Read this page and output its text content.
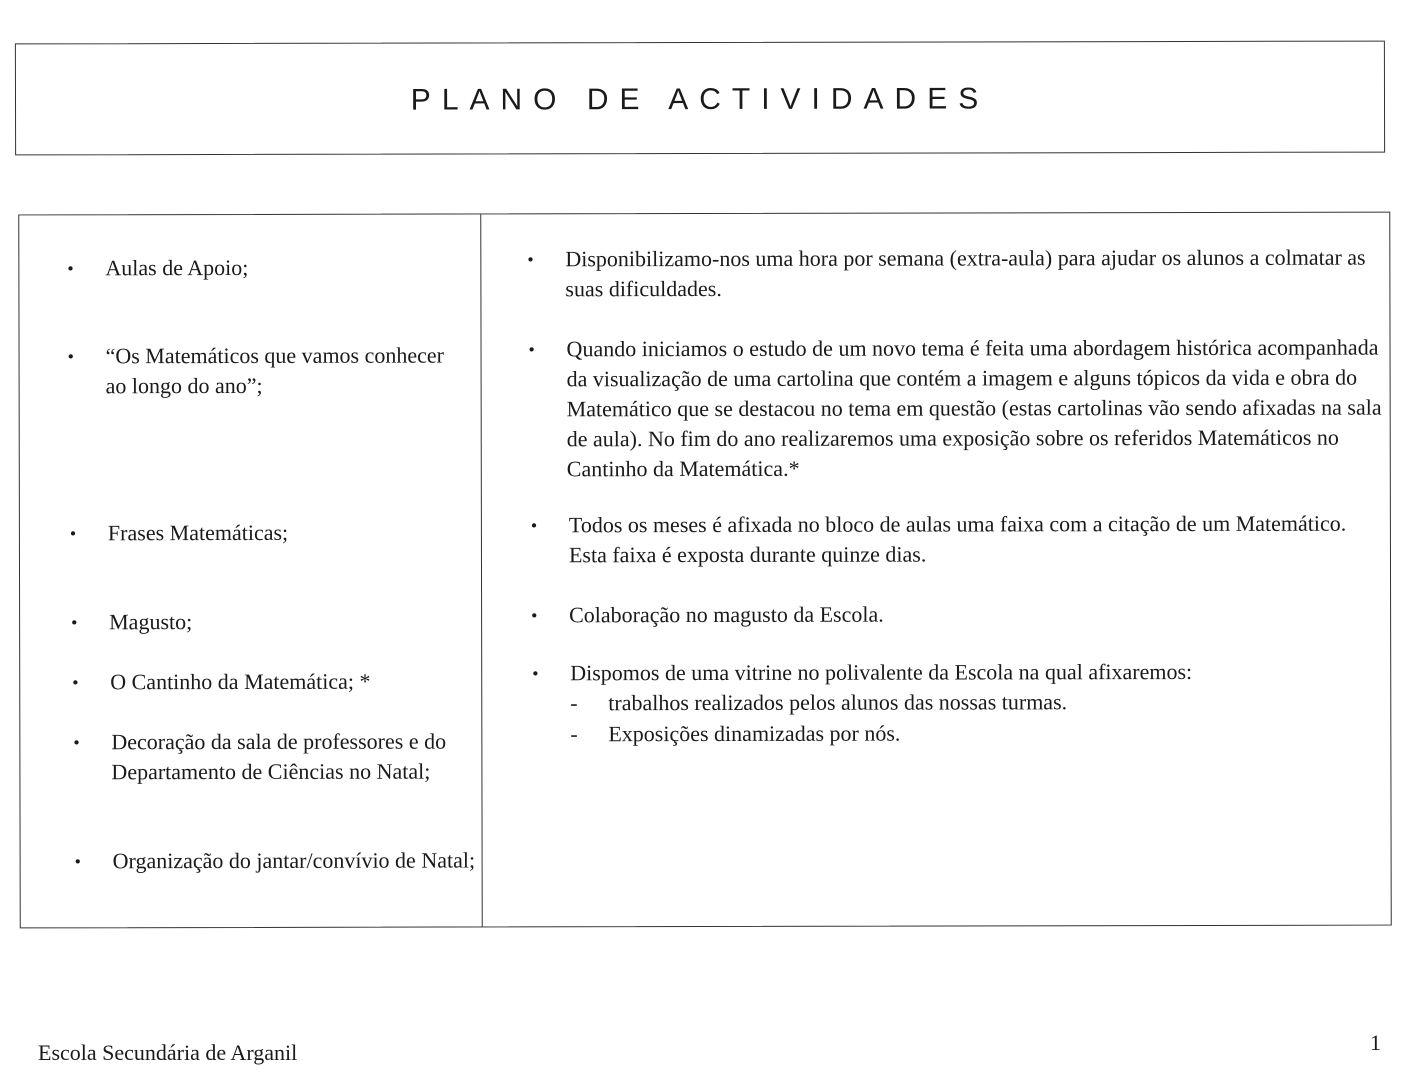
PLANO DE ACTIVIDADES
•	Aulas de Apoio;
•	“Os Matemáticos que vamos conhecer ao longo do ano”;
•	Frases Matemáticas;
•	Magusto;
•	O Cantinho da Matemática; *
•	Decoração da sala de professores e do Departamento de Ciências no Natal;
•	Organização do jantar/convívio de Natal;
•	Disponibilizamo-nos uma hora por semana (extra-aula) para ajudar os alunos a colmatar as suas dificuldades.
•	Quando iniciamos o estudo de um novo tema é feita uma abordagem histórica acompanhada da visualização de uma cartolina que contém a imagem e alguns tópicos da vida e obra do Matemático que se destacou no tema em questão (estas cartolinas vão sendo afixadas na sala de aula). No fim do ano realizaremos uma exposição sobre os referidos Matemáticos no Cantinho da Matemática.*
•	Todos os meses é afixada no bloco de aulas uma faixa com a citação de um Matemático. Esta faixa é exposta durante quinze dias.
•	Colaboração no magusto da Escola.
•	Dispomos de uma vitrine no polivalente da Escola na qual afixaremos:
- trabalhos realizados pelos alunos das nossas turmas.
- Exposições dinamizadas por nós.
Escola Secundária de Arganil	1
